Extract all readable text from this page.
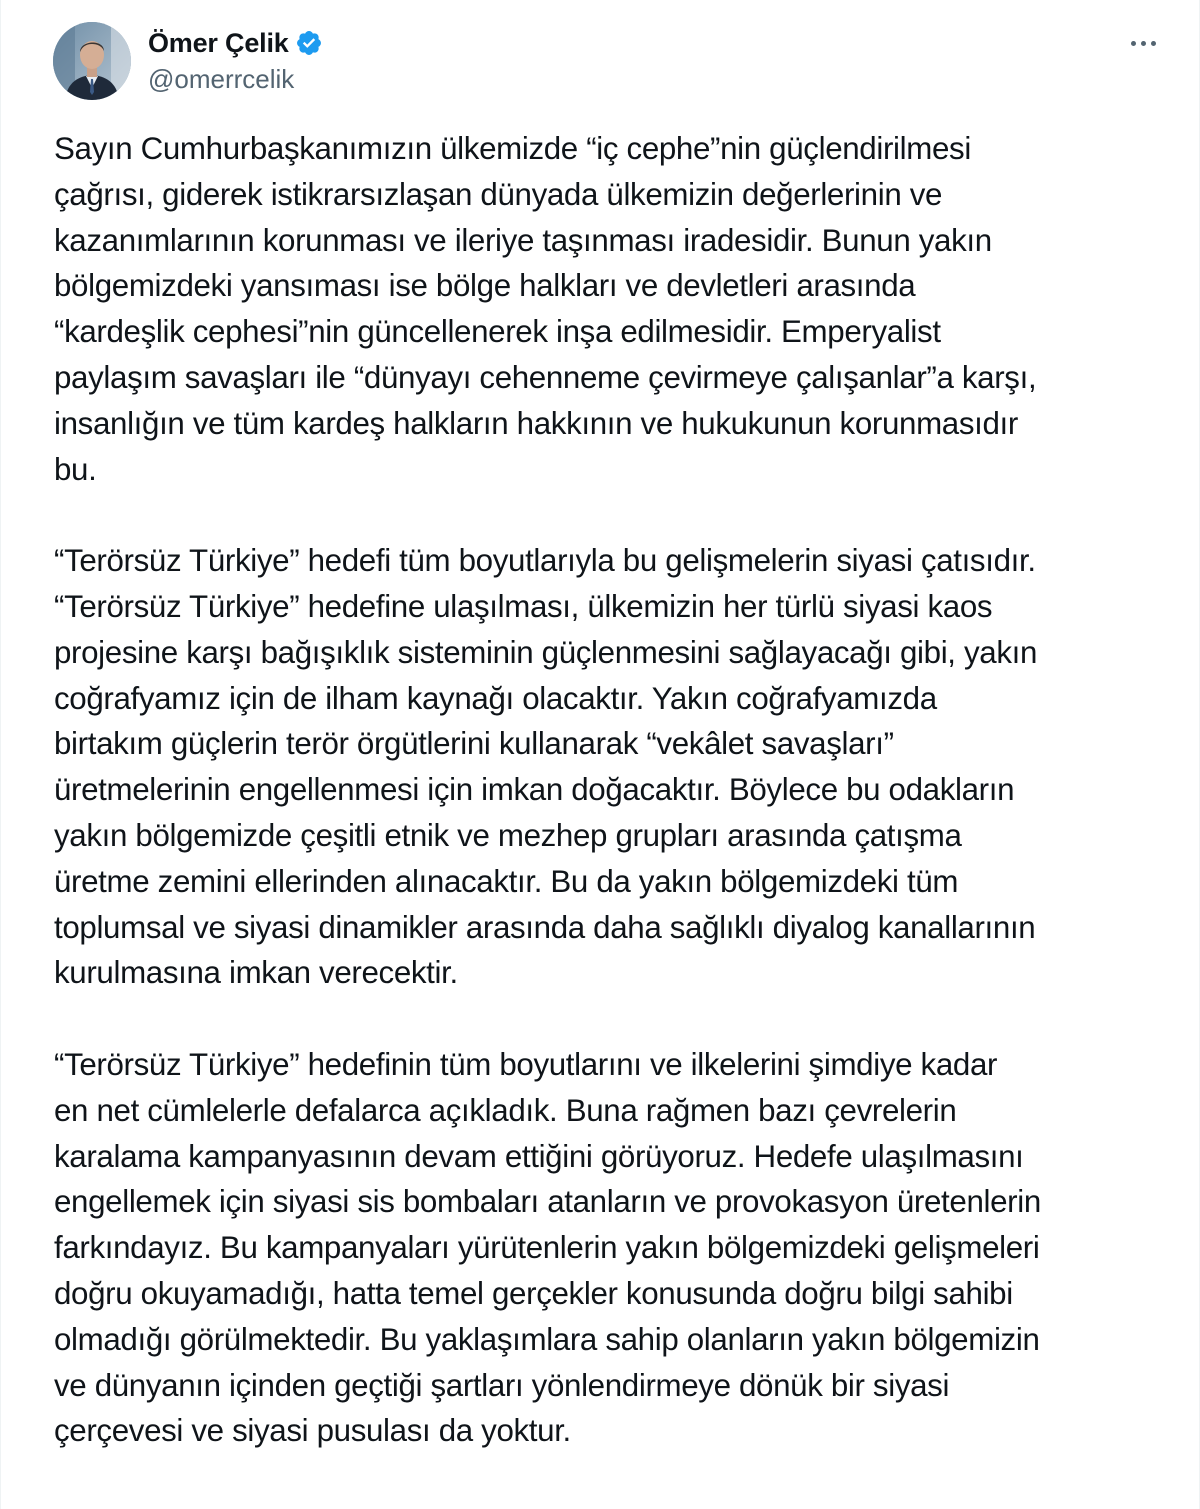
Ömer Çelik
@omerrcelik

Sayın Cumhurbaşkanımızın ülkemizde “iç cephe”nin güçlendirilmesi
çağrısı, giderek istikrarsızlaşan dünyada ülkemizin değerlerinin ve
kazanımlarının korunması ve ileriye taşınması iradesidir. Bunun yakın
bölgemizdeki yansıması ise bölge halkları ve devletleri arasında
“kardeşlik cephesi”nin güncellenerek inşa edilmesidir. Emperyalist
paylaşım savaşları ile “dünyayı cehenneme çevirmeye çalışanlar”a karşı,
insanlığın ve tüm kardeş halkların hakkının ve hukukunun korunmasıdır
bu.

“Terörsüz Türkiye” hedefi tüm boyutlarıyla bu gelişmelerin siyasi çatısıdır.
“Terörsüz Türkiye” hedefine ulaşılması, ülkemizin her türlü siyasi kaos
projesine karşı bağışıklık sisteminin güçlenmesini sağlayacağı gibi, yakın
coğrafyamız için de ilham kaynağı olacaktır. Yakın coğrafyamızda
birtakım güçlerin terör örgütlerini kullanarak “vekâlet savaşları”
üretmelerinin engellenmesi için imkan doğacaktır. Böylece bu odakların
yakın bölgemizde çeşitli etnik ve mezhep grupları arasında çatışma
üretme zemini ellerinden alınacaktır. Bu da yakın bölgemizdeki tüm
toplumsal ve siyasi dinamikler arasında daha sağlıklı diyalog kanallarının
kurulmasına imkan verecektir.

“Terörsüz Türkiye” hedefinin tüm boyutlarını ve ilkelerini şimdiye kadar
en net cümlelerle defalarca açıkladık. Buna rağmen bazı çevrelerin
karalama kampanyasının devam ettiğini görüyoruz. Hedefe ulaşılmasını
engellemek için siyasi sis bombaları atanların ve provokasyon üretenlerin
farkındayız. Bu kampanyaları yürütenlerin yakın bölgemizdeki gelişmeleri
doğru okuyamadığı, hatta temel gerçekler konusunda doğru bilgi sahibi
olmadığı görülmektedir. Bu yaklaşımlara sahip olanların yakın bölgemizin
ve dünyanın içinden geçtiği şartları yönlendirmeye dönük bir siyasi
çerçevesi ve siyasi pusulası da yoktur.
